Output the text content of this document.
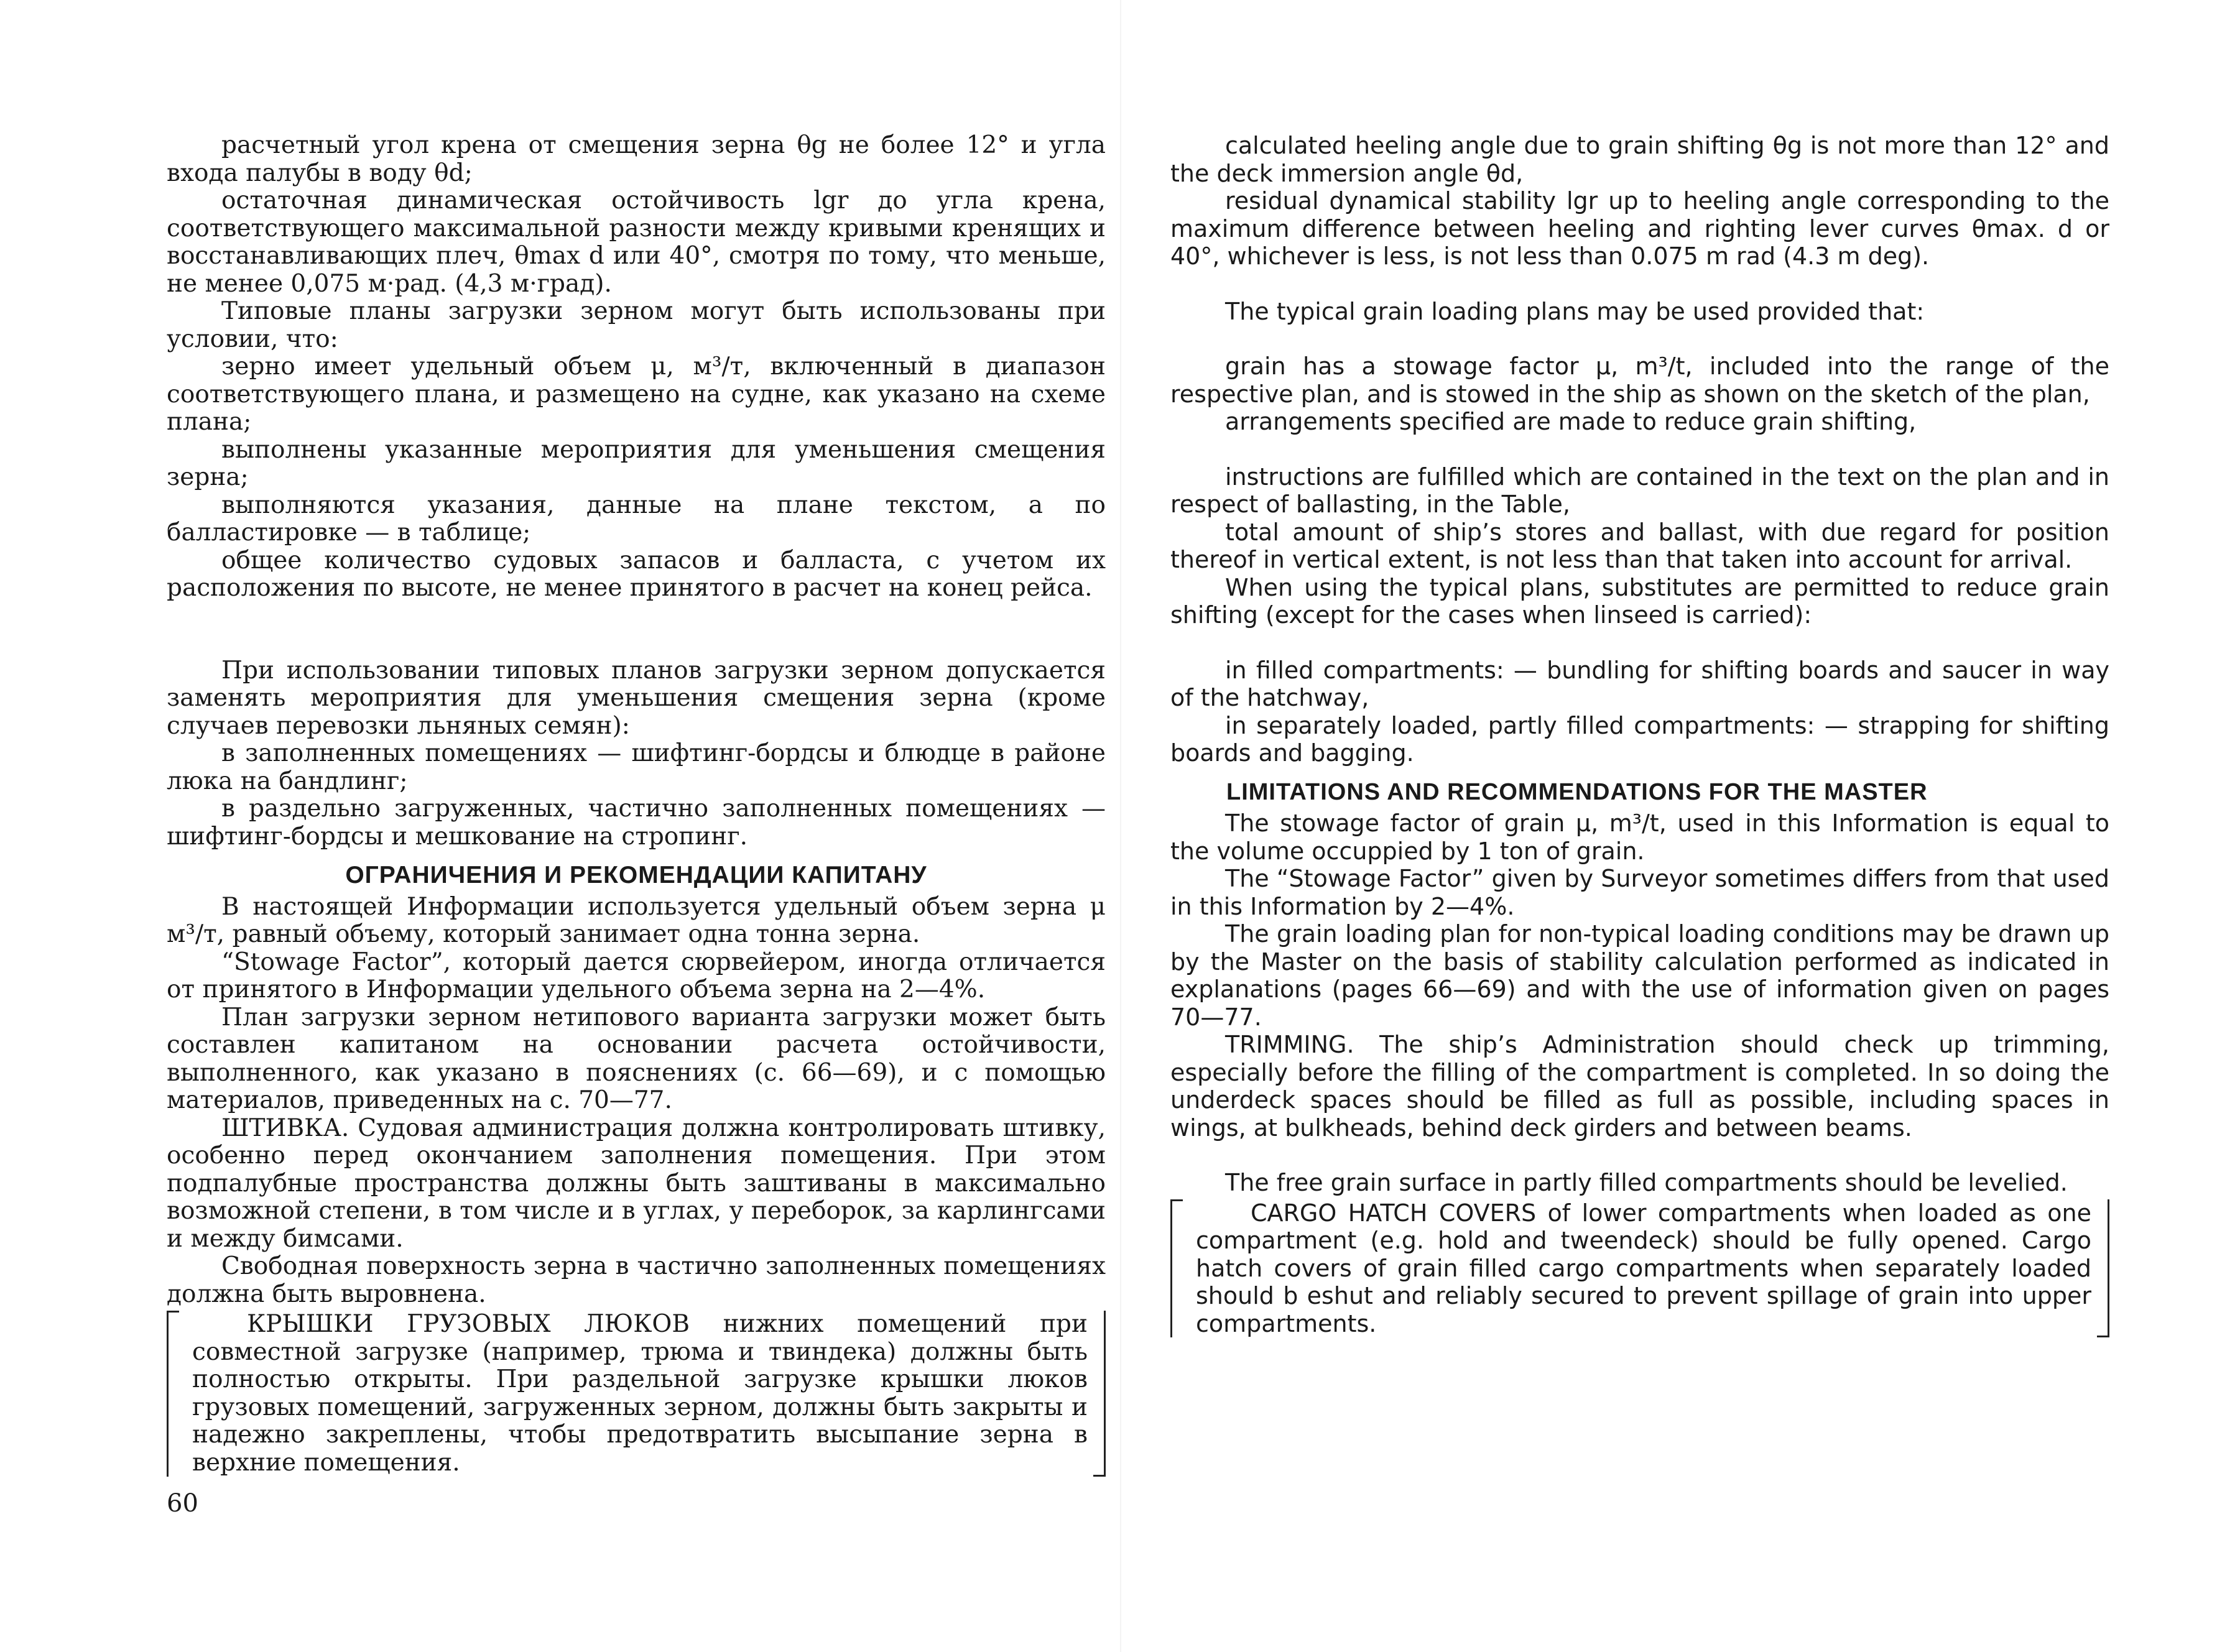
расчетный угол крена от смещения зерна θg не более 12° и угла входа палубы в воду θd;

остаточная динамическая остойчивость lgr до угла крена, соответствующего максимальной разности между кривыми кренящих и восстанавливающих плеч, θmax d или 40°, смотря по тому, что меньше, не менее 0,075 м·рад. (4,3 м·град).

Типовые планы загрузки зерном могут быть использованы при условии, что:

зерно имеет удельный объем μ, м³/т, включенный в диапазон соответствующего плана, и размещено на судне, как указано на схеме плана;

выполнены указанные мероприятия для уменьшения смещения зерна;

выполняются указания, данные на плане текстом, а по балластировке — в таблице;

общее количество судовых запасов и балласта, с учетом их расположения по высоте, не менее принятого в расчет на конец рейса.

При использовании типовых планов загрузки зерном допускается заменять мероприятия для уменьшения смещения зерна (кроме случаев перевозки льняных семян):

в заполненных помещениях — шифтинг-бордсы и блюдце в районе люка на бандлинг;

в раздельно загруженных, частично заполненных помещениях — шифтинг-бордсы и мешкование на стропинг.

ОГРАНИЧЕНИЯ И РЕКОМЕНДАЦИИ КАПИТАНУ

В настоящей Информации используется удельный объем зерна μ м³/т, равный объему, который занимает одна тонна зерна.

“Stowage Factor”, который дается сюрвейером, иногда отличается от принятого в Информации удельного объема зерна на 2—4%.

План загрузки зерном нетипового варианта загрузки может быть составлен капитаном на основании расчета остойчивости, выполненного, как указано в пояснениях (с. 66—69), и с помощью материалов, приведенных на с. 70—77.

ШТИВКА. Судовая администрация должна контролировать штивку, особенно перед окончанием заполнения помещения. При этом подпалубные пространства должны быть заштиваны в максимально возможной степени, в том числе и в углах, у переборок, за карлингсами и между бимсами.

Свободная поверхность зерна в частично заполненных помещениях должна быть выровнена.

КРЫШКИ ГРУЗОВЫХ ЛЮКОВ нижних помещений при совместной загрузке (например, трюма и твиндека) должны быть полностью открыты. При раздельной загрузке крышки люков грузовых помещений, загруженных зерном, должны быть закрыты и надежно закреплены, чтобы предотвратить высыпание зерна в верхние помещения.

calculated heeling angle due to grain shifting θg is not more than 12° and the deck immersion angle θd,

residual dynamical stability lgr up to heeling angle corresponding to the maximum difference between heeling and righting lever curves θmax. d or 40°, whichever is less, is not less than 0.075 m rad (4.3 m deg).

The typical grain loading plans may be used provided that:

grain has a stowage factor μ, m³/t, included into the range of the respective plan, and is stowed in the ship as shown on the sketch of the plan,

arrangements specified are made to reduce grain shifting,

instructions are fulfilled which are contained in the text on the plan and in respect of ballasting, in the Table,

total amount of ship’s stores and ballast, with due regard for position thereof in vertical extent, is not less than that taken into account for arrival.

When using the typical plans, substitutes are permitted to reduce grain shifting (except for the cases when linseed is carried):

in filled compartments: — bundling for shifting boards and saucer in way of the hatchway,

in separately loaded, partly filled compartments: — strapping for shifting boards and bagging.

LIMITATIONS AND RECOMMENDATIONS FOR THE MASTER

The stowage factor of grain μ, m³/t, used in this Information is equal to the volume occuppied by 1 ton of grain.

The “Stowage Factor” given by Surveyor sometimes differs from that used in this Information by 2—4%.

The grain loading plan for non-typical loading conditions may be drawn up by the Master on the basis of stability calculation performed as indicated in explanations (pages 66—69) and with the use of information given on pages 70—77.

TRIMMING. The ship’s Administration should check up trimming, especially before the filling of the compartment is completed. In so doing the underdeck spaces should be filled as full as possible, including spaces in wings, at bulkheads, behind deck girders and between beams.

The free grain surface in partly filled compartments should be levelied.

CARGO HATCH COVERS of lower compartments when loaded as one compartment (e.g. hold and tweendeck) should be fully opened. Cargo hatch covers of grain filled cargo compartments when separately loaded should b eshut and reliably secured to prevent spillage of grain into upper compartments.

60
